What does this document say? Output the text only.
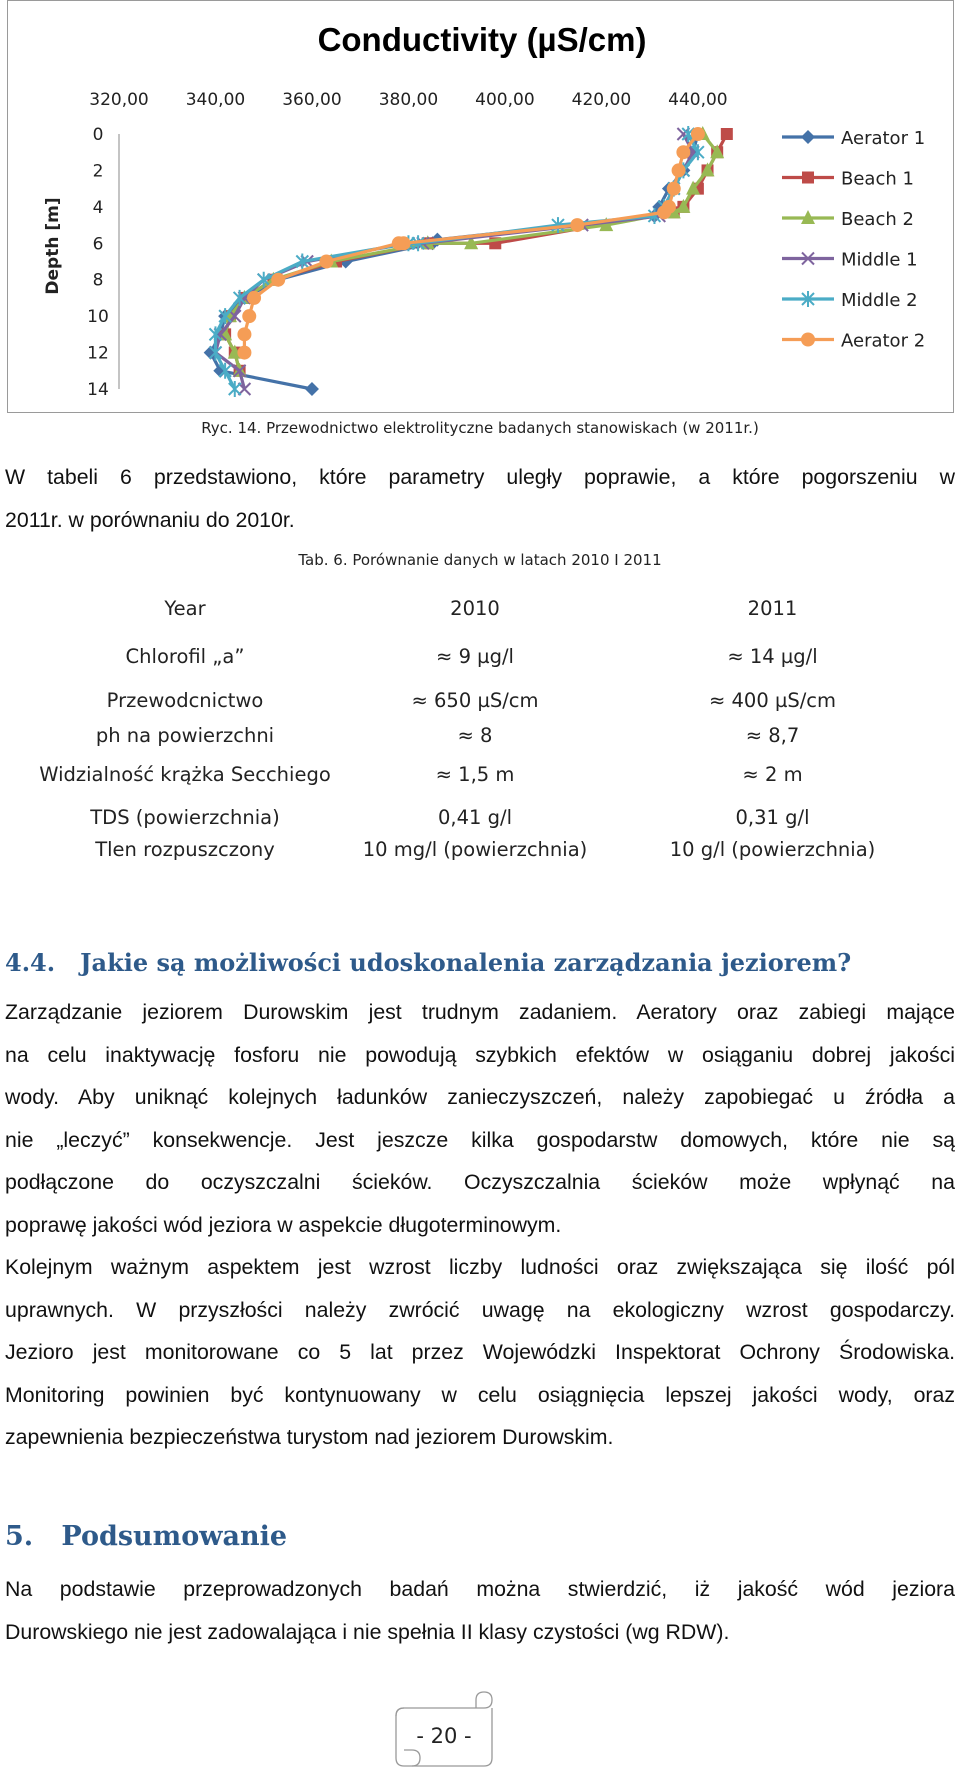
Conductivity (µS/cm)
320,00 340,00 360,00 380,00 400,00 420,00 440,00
0
2
4
6
8
10
12
14
Depth [m]
Aerator 1
Beach 1
Beach 2
Middle 1
Middle 2
Aerator 2
Ryc. 14. Przewodnictwo elektrolityczne badanych stanowiskach (w 2011r.)
W tabeli 6 przedstawiono, które parametry uległy poprawie, a które pogorszeniu w
2011r. w porównaniu do 2010r.
Tab. 6. Porównanie danych w latach 2010 I 2011
Year	2010	2011
Chlorofil „a”	≈ 9 µg/l	≈ 14 µg/l
Przewodcnictwo	≈ 650 µS/cm	≈ 400 µS/cm
ph na powierzchni	≈ 8	≈ 8,7
Widzialność krążka Secchiego	≈ 1,5 m	≈ 2 m
TDS (powierzchnia)	0,41 g/l	0,31 g/l
Tlen rozpuszczony	10 mg/l (powierzchnia)	10 g/l (powierzchnia)
4.4.   Jakie są możliwości udoskonalenia zarządzania jeziorem?
Zarządzanie jeziorem Durowskim jest trudnym zadaniem. Aeratory oraz zabiegi mające
na celu inaktywację fosforu nie powodują szybkich efektów w osiąganiu dobrej jakości
wody. Aby uniknąć kolejnych ładunków zanieczyszczeń, należy zapobiegać u źródła a
nie „leczyć” konsekwencje. Jest jeszcze kilka gospodarstw domowych, które nie są
podłączone do oczyszczalni ścieków. Oczyszczalnia ścieków może wpłynąć na
poprawę jakości wód jeziora w aspekcie długoterminowym.
Kolejnym ważnym aspektem jest wzrost liczby ludności oraz zwiększająca się ilość pól
uprawnych. W przyszłości należy zwrócić uwagę na ekologiczny wzrost gospodarczy.
Jezioro jest monitorowane co 5 lat przez Wojewódzki Inspektorat Ochrony Środowiska.
Monitoring powinien być kontynuowany w celu osiągnięcia lepszej jakości wody, oraz
zapewnienia bezpieczeństwa turystom nad jeziorem Durowskim.
5.   Podsumowanie
Na podstawie przeprowadzonych badań można stwierdzić, iż jakość wód jeziora
Durowskiego nie jest zadowalająca i nie spełnia II klasy czystości (wg RDW).
- 20 -
